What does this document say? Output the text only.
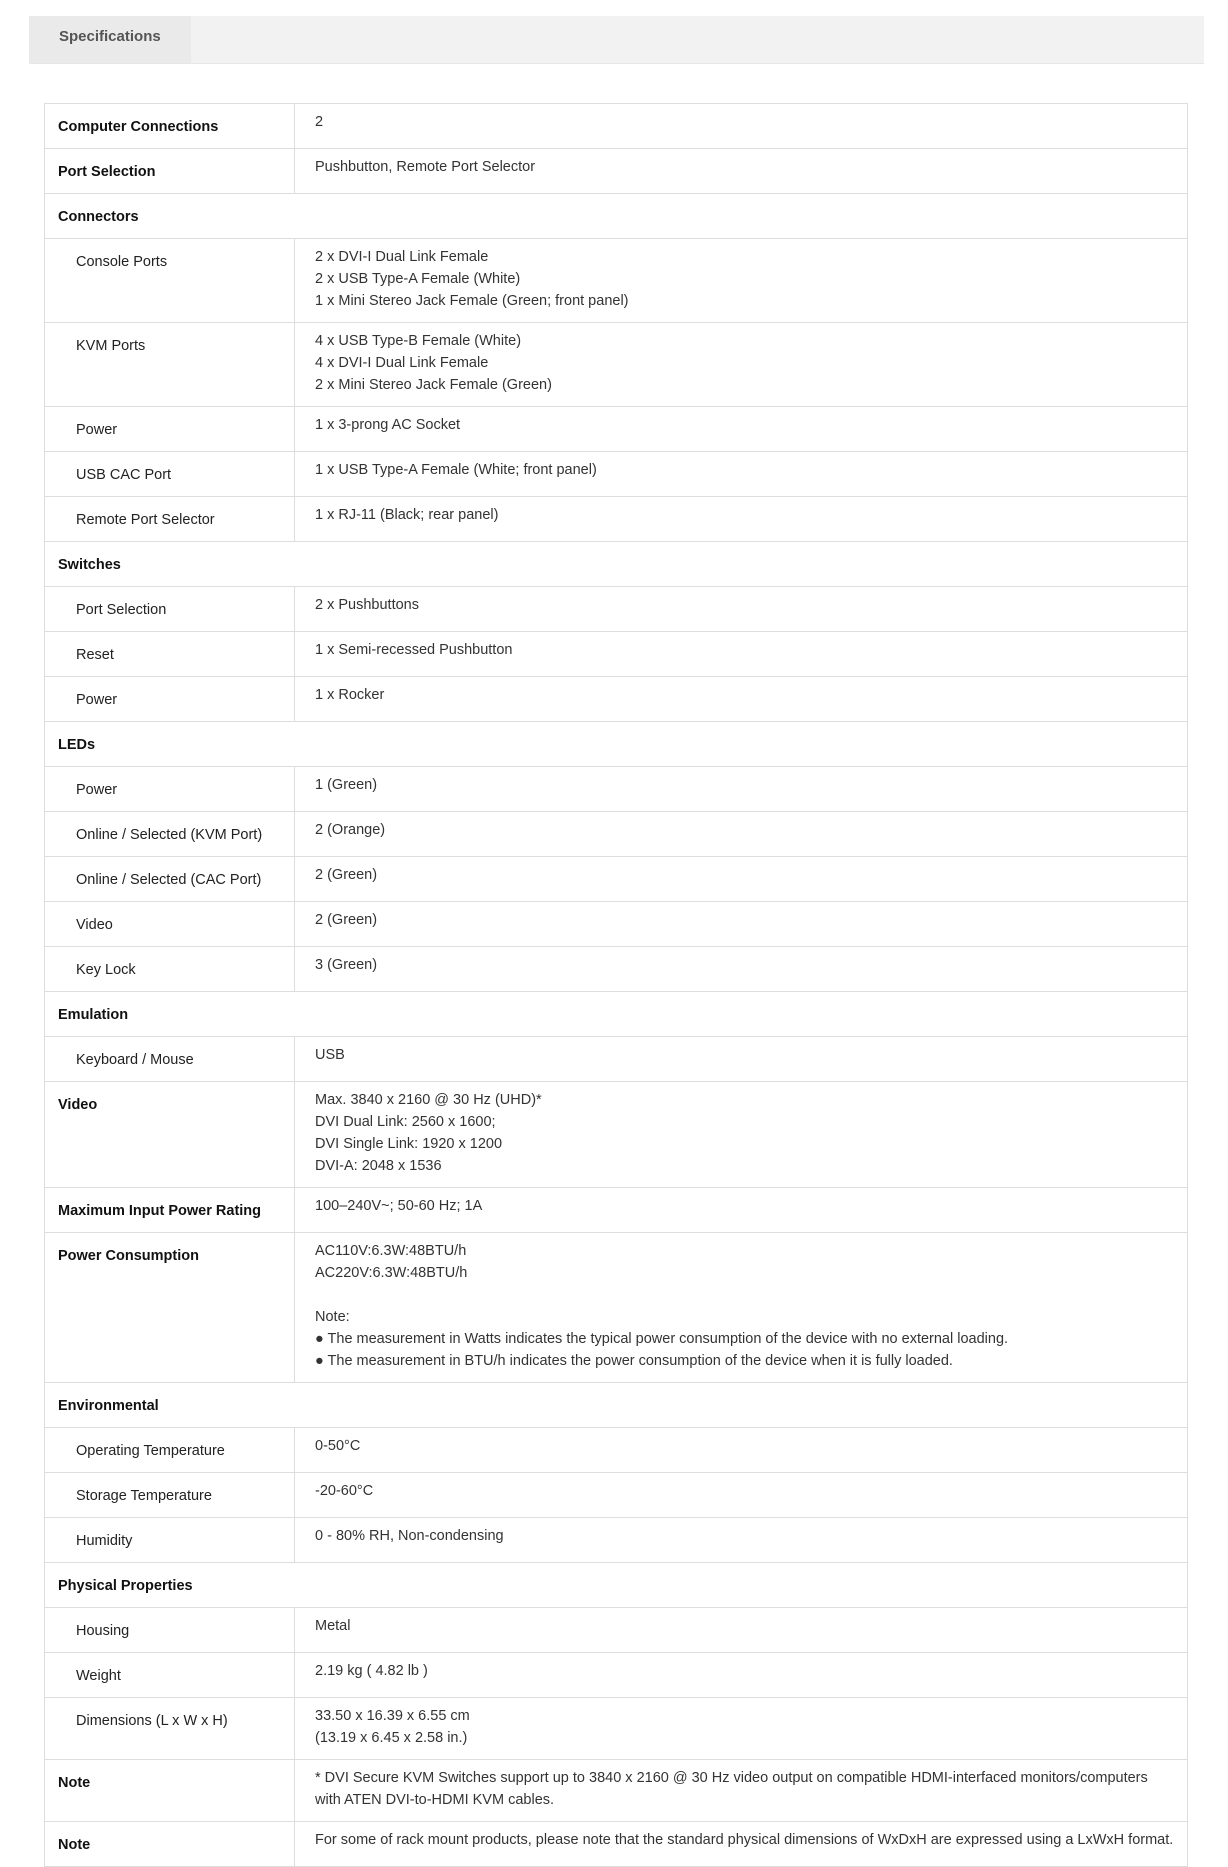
Specifications
Computer Connections	2

Port Selection	Pushbutton, Remote Port Selector

Connectors	
Console Ports	2 x DVI-I Dual Link Female
2 x USB Type-A Female (White)
1 x Mini Stereo Jack Female (Green; front panel)

KVM Ports	4 x USB Type-B Female (White)
4 x DVI-I Dual Link Female
2 x Mini Stereo Jack Female (Green)

Power	1 x 3-prong AC Socket

USB CAC Port	1 x USB Type-A Female (White; front panel)

Remote Port Selector	1 x RJ-11 (Black; rear panel)

Switches	
Port Selection	2 x Pushbuttons

Reset	1 x Semi-recessed Pushbutton

Power	1 x Rocker

LEDs	
Power	1 (Green)

Online / Selected (KVM Port)	2 (Orange)

Online / Selected (CAC Port)	2 (Green)

Video	2 (Green)

Key Lock	3 (Green)

Emulation	
Keyboard / Mouse	USB

Video	Max. 3840 x 2160 @ 30 Hz (UHD)*
DVI Dual Link: 2560 x 1600;
DVI Single Link: 1920 x 1200
DVI-A: 2048 x 1536

Maximum Input Power Rating	100–240V~; 50-60 Hz; 1A

Power Consumption	AC110V:6.3W:48BTU/h
AC220V:6.3W:48BTU/h
Note:
● The measurement in Watts indicates the typical power consumption of the device with no external loading.
● The measurement in BTU/h indicates the power consumption of the device when it is fully loaded.

Environmental	
Operating Temperature	0-50°C

Storage Temperature	-20-60°C

Humidity	0 - 80% RH, Non-condensing

Physical Properties	
Housing	Metal

Weight	2.19 kg ( 4.82 lb )

Dimensions (L x W x H)	33.50 x 16.39 x 6.55 cm
(13.19 x 6.45 x 2.58 in.)

Note	* DVI Secure KVM Switches support up to 3840 x 2160 @ 30 Hz video output on compatible HDMI-interfaced monitors/computers with ATEN DVI-to-HDMI KVM cables.

Note	For some of rack mount products, please note that the standard physical dimensions of WxDxH are expressed using a LxWxH format.
